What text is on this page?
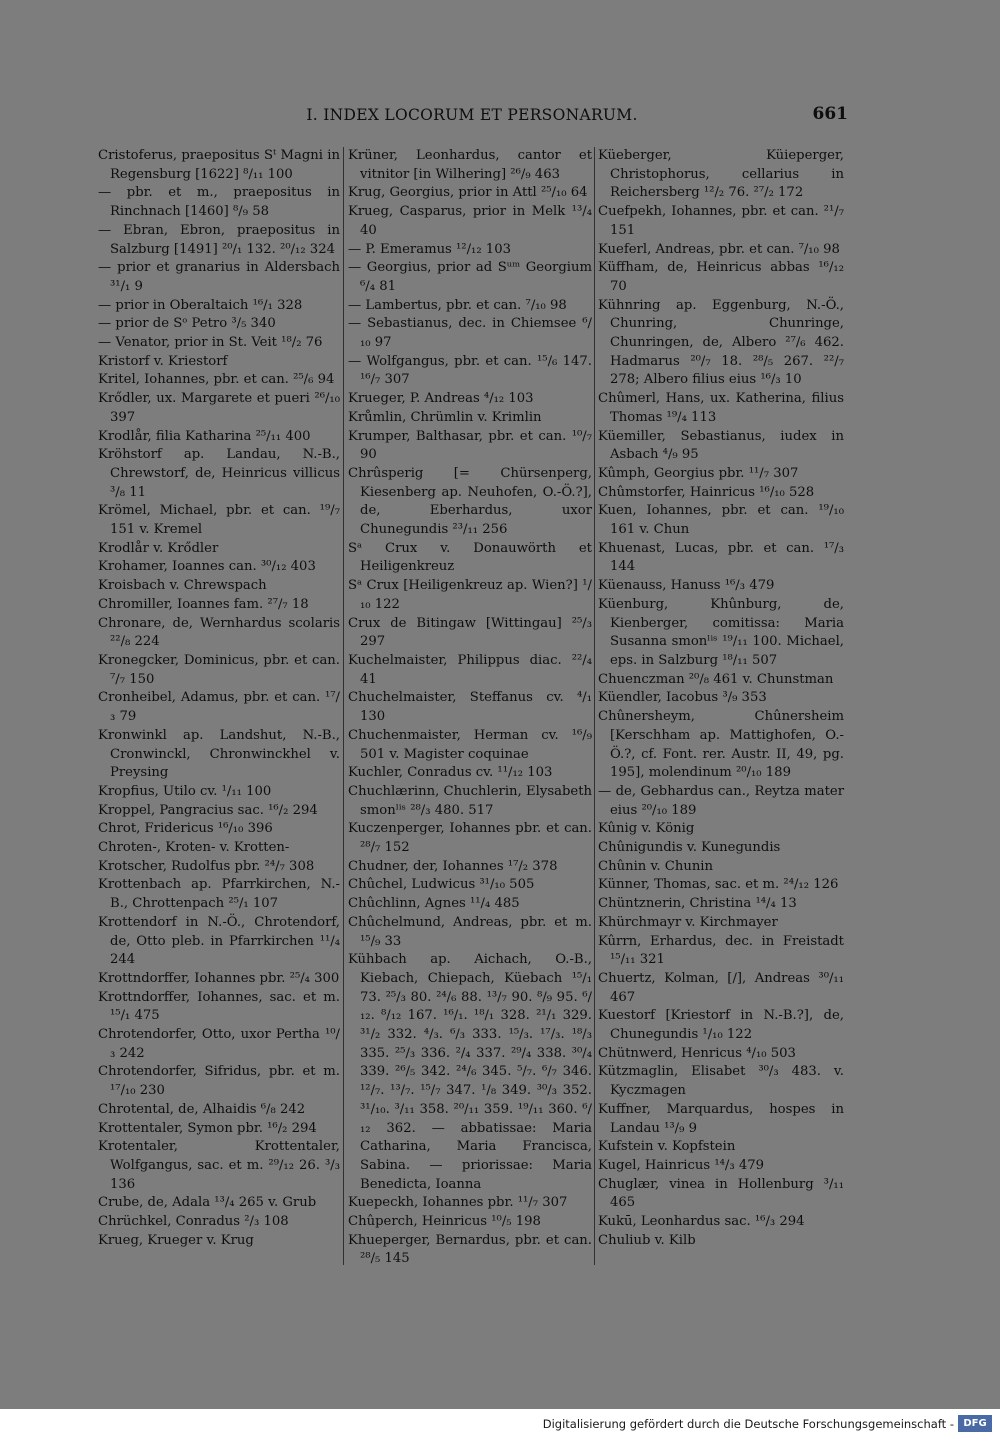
I. INDEX LOCORUM ET PERSONARUM.	661
Cristoferus, praepositus Sᵗ Magni in Regensburg [1622] ⁸/₁₁ 100
— pbr. et m., praepositus in Rinchnach [1460] ⁸/₉ 58
— Ebran, Ebron, praepositus in Salzburg [1491] ²⁰/₁ 132. ²⁰/₁₂ 324
— prior et granarius in Aldersbach ³¹/₁ 9
— prior in Oberaltaich ¹⁶/₁ 328
— prior de Sᵒ Petro ³/₅ 340
— Venator, prior in St. Veit ¹⁸/₂ 76
Kristorf v. Kriestorf
Kritel, Iohannes, pbr. et can. ²⁵/₆ 94
Krődler, ux. Margarete et pueri ²⁶/₁₀ 397
Krodlår, filia Katharina ²⁵/₁₁ 400
Kröhstorf ap. Landau, N.-B., Chrewstorf, de, Heinricus villicus ³/₈ 11
Krömel, Michael, pbr. et can. ¹⁹/₇ 151 v. Kremel
Krodlår v. Krődler
Krohamer, Ioannes can. ³⁰/₁₂ 403
Kroisbach v. Chrewspach
Chromiller, Ioannes fam. ²⁷/₇ 18
Chronare, de, Wernhardus scolaris ²²/₈ 224
Kronegcker, Dominicus, pbr. et can. ⁷/₇ 150
Cronheibel, Adamus, pbr. et can. ¹⁷/₃ 79
Kronwinkl ap. Landshut, N.-B., Cronwinckl, Chronwinckhel v. Preysing
Kropfius, Utilo cv. ¹/₁₁ 100
Kroppel, Pangracius sac. ¹⁶/₂ 294
Chrot, Fridericus ¹⁶/₁₀ 396
Chroten-, Kroten- v. Krotten-
Krotscher, Rudolfus pbr. ²⁴/₇ 308
Krottenbach ap. Pfarrkirchen, N.-B., Chrottenpach ²⁵/₁ 107
Krottendorf in N.-Ö., Chrotendorf, de, Otto pleb. in Pfarrkirchen ¹¹/₄ 244
Krottndorffer, Iohannes pbr. ²⁵/₄ 300
Krottndorffer, Iohannes, sac. et m. ¹⁵/₁ 475
Chrotendorfer, Otto, uxor Pertha ¹⁰/₃ 242
Chrotendorfer, Sifridus, pbr. et m. ¹⁷/₁₀ 230
Chrotental, de, Alhaidis ⁶/₈ 242
Krottentaler, Symon pbr. ¹⁶/₂ 294
Krotentaler, Krottentaler, Wolfgangus, sac. et m. ²⁹/₁₂ 26. ³/₃ 136
Crube, de, Adala ¹³/₄ 265 v. Grub
Chrüchkel, Conradus ²/₃ 108
Krueg, Krueger v. Krug
Krüner, Leonhardus, cantor et vitnitor [in Wilhering] ²⁶/₉ 463
Krug, Georgius, prior in Attl ²⁵/₁₀ 64
Krueg, Casparus, prior in Melk ¹³/₄ 40
— P. Emeramus ¹²/₁₂ 103
— Georgius, prior ad Sᵘᵐ Georgium ⁶/₄ 81
— Lambertus, pbr. et can. ⁷/₁₀ 98
— Sebastianus, dec. in Chiemsee ⁶/₁₀ 97
— Wolfgangus, pbr. et can. ¹⁵/₆ 147. ¹⁶/₇ 307
Krueger, P. Andreas ⁴/₁₂ 103
Krůmlin, Chrümlin v. Krimlin
Krumper, Balthasar, pbr. et can. ¹⁰/₇ 90
Chrûsperig [= Chürsenperg, Kiesenberg ap. Neuhofen, O.-Ö.?], de, Eberhardus, uxor Chunegundis ²³/₁₁ 256
Sᵃ Crux v. Donauwörth et Heiligenkreuz
Sᵃ Crux [Heiligenkreuz ap. Wien?] ¹/₁₀ 122
Crux de Bitingaw [Wittingau] ²⁵/₃ 297
Kuchelmaister, Philippus diac. ²²/₄ 41
Chuchelmaister, Steffanus cv. ⁴/₁ 130
Chuchenmaister, Herman cv. ¹⁶/₉ 501 v. Magister coquinae
Kuchler, Conradus cv. ¹¹/₁₂ 103
Chuchlærinn, Chuchlerin, Elysabeth smonˡⁱˢ ²⁸/₃ 480. 517
Kuczenperger, Iohannes pbr. et can. ²⁸/₇ 152
Chudner, der, Iohannes ¹⁷/₂ 378
Chûchel, Ludwicus ³¹/₁₀ 505
Chûchlinn, Agnes ¹¹/₄ 485
Chûchelmund, Andreas, pbr. et m. ¹⁵/₉ 33
Kühbach ap. Aichach, O.-B., Kiebach, Chiepach, Küebach ¹⁵/₁ 73. ²⁵/₃ 80. ²⁴/₆ 88. ¹³/₇ 90. ⁸/₉ 95. ⁶/₁₂. ⁸/₁₂ 167. ¹⁶/₁. ¹⁸/₁ 328. ²¹/₁ 329. ³¹/₂ 332. ⁴/₃. ⁶/₃ 333. ¹⁵/₃. ¹⁷/₃. ¹⁸/₃ 335. ²⁵/₃ 336. ²/₄ 337. ²⁹/₄ 338. ³⁰/₄ 339. ²⁶/₅ 342. ²⁴/₆ 345. ⁵/₇. ⁶/₇ 346. ¹²/₇. ¹³/₇. ¹⁵/₇ 347. ¹/₈ 349. ³⁰/₃ 352. ³¹/₁₀. ³/₁₁ 358. ²⁰/₁₁ 359. ¹⁹/₁₁ 360. ⁶/₁₂ 362. — abbatissae: Maria Catharina, Maria Francisca, Sabina. — priorissae: Maria Benedicta, Ioanna
Kuepeckh, Iohannes pbr. ¹¹/₇ 307
Chûperch, Heinricus ¹⁰/₅ 198
Khueperger, Bernardus, pbr. et can. ²⁸/₅ 145
Küeberger, Küieperger, Christophorus, cellarius in Reichersberg ¹²/₂ 76. ²⁷/₂ 172
Cuefpekh, Iohannes, pbr. et can. ²¹/₇ 151
Kueferl, Andreas, pbr. et can. ⁷/₁₀ 98
Küffham, de, Heinricus abbas ¹⁶/₁₂ 70
Kühnring ap. Eggenburg, N.-Ö., Chunring, Chunringe, Chunringen, de, Albero ²⁷/₆ 462. Hadmarus ²⁰/₇ 18. ²⁸/₅ 267. ²²/₇ 278; Albero filius eius ¹⁶/₃ 10
Chûmerl, Hans, ux. Katherina, filius Thomas ¹⁹/₄ 113
Küemiller, Sebastianus, iudex in Asbach ⁴/₉ 95
Kûmph, Georgius pbr. ¹¹/₇ 307
Chûmstorfer, Hainricus ¹⁶/₁₀ 528
Kuen, Iohannes, pbr. et can. ¹⁹/₁₀ 161 v. Chun
Khuenast, Lucas, pbr. et can. ¹⁷/₃ 144
Küenauss, Hanuss ¹⁶/₃ 479
Küenburg, Khûnburg, de, Kienberger, comitissa: Maria Susanna smonˡⁱˢ ¹⁹/₁₁ 100. Michael, eps. in Salzburg ¹⁸/₁₁ 507
Chuenczman ²⁰/₈ 461 v. Chunstman
Küendler, Iacobus ³/₉ 353
Chûnersheym, Chûnersheim [Kerschham ap. Mattighofen, O.-Ö.?, cf. Font. rer. Austr. II, 49, pg. 195], molendinum ²⁰/₁₀ 189
— de, Gebhardus can., Reytza mater eius ²⁰/₁₀ 189
Kûnig v. König
Chûnigundis v. Kunegundis
Chûnin v. Chunin
Künner, Thomas, sac. et m. ²⁴/₁₂ 126
Chüntznerin, Christina ¹⁴/₄ 13
Khürchmayr v. Kirchmayer
Kûrrn, Erhardus, dec. in Freistadt ¹⁵/₁₁ 321
Chuertz, Kolman, [/], Andreas ³⁰/₁₁ 467
Kuestorf [Kriestorf in N.-B.?], de, Chunegundis ¹/₁₀ 122
Chütnwerd, Henricus ⁴/₁₀ 503
Kützmaglin, Elisabet ³⁰/₃ 483. v. Kyczmagen
Kuffner, Marquardus, hospes in Landau ¹³/₉ 9
Kufstein v. Kopfstein
Kugel, Hainricus ¹⁴/₃ 479
Chuglær, vinea in Hollenburg ³/₁₁ 465
Kukū, Leonhardus sac. ¹⁶/₃ 294
Chuliub v. Kilb
Digitalisierung gefördert durch die Deutsche Forschungsgemeinschaft - DFG
